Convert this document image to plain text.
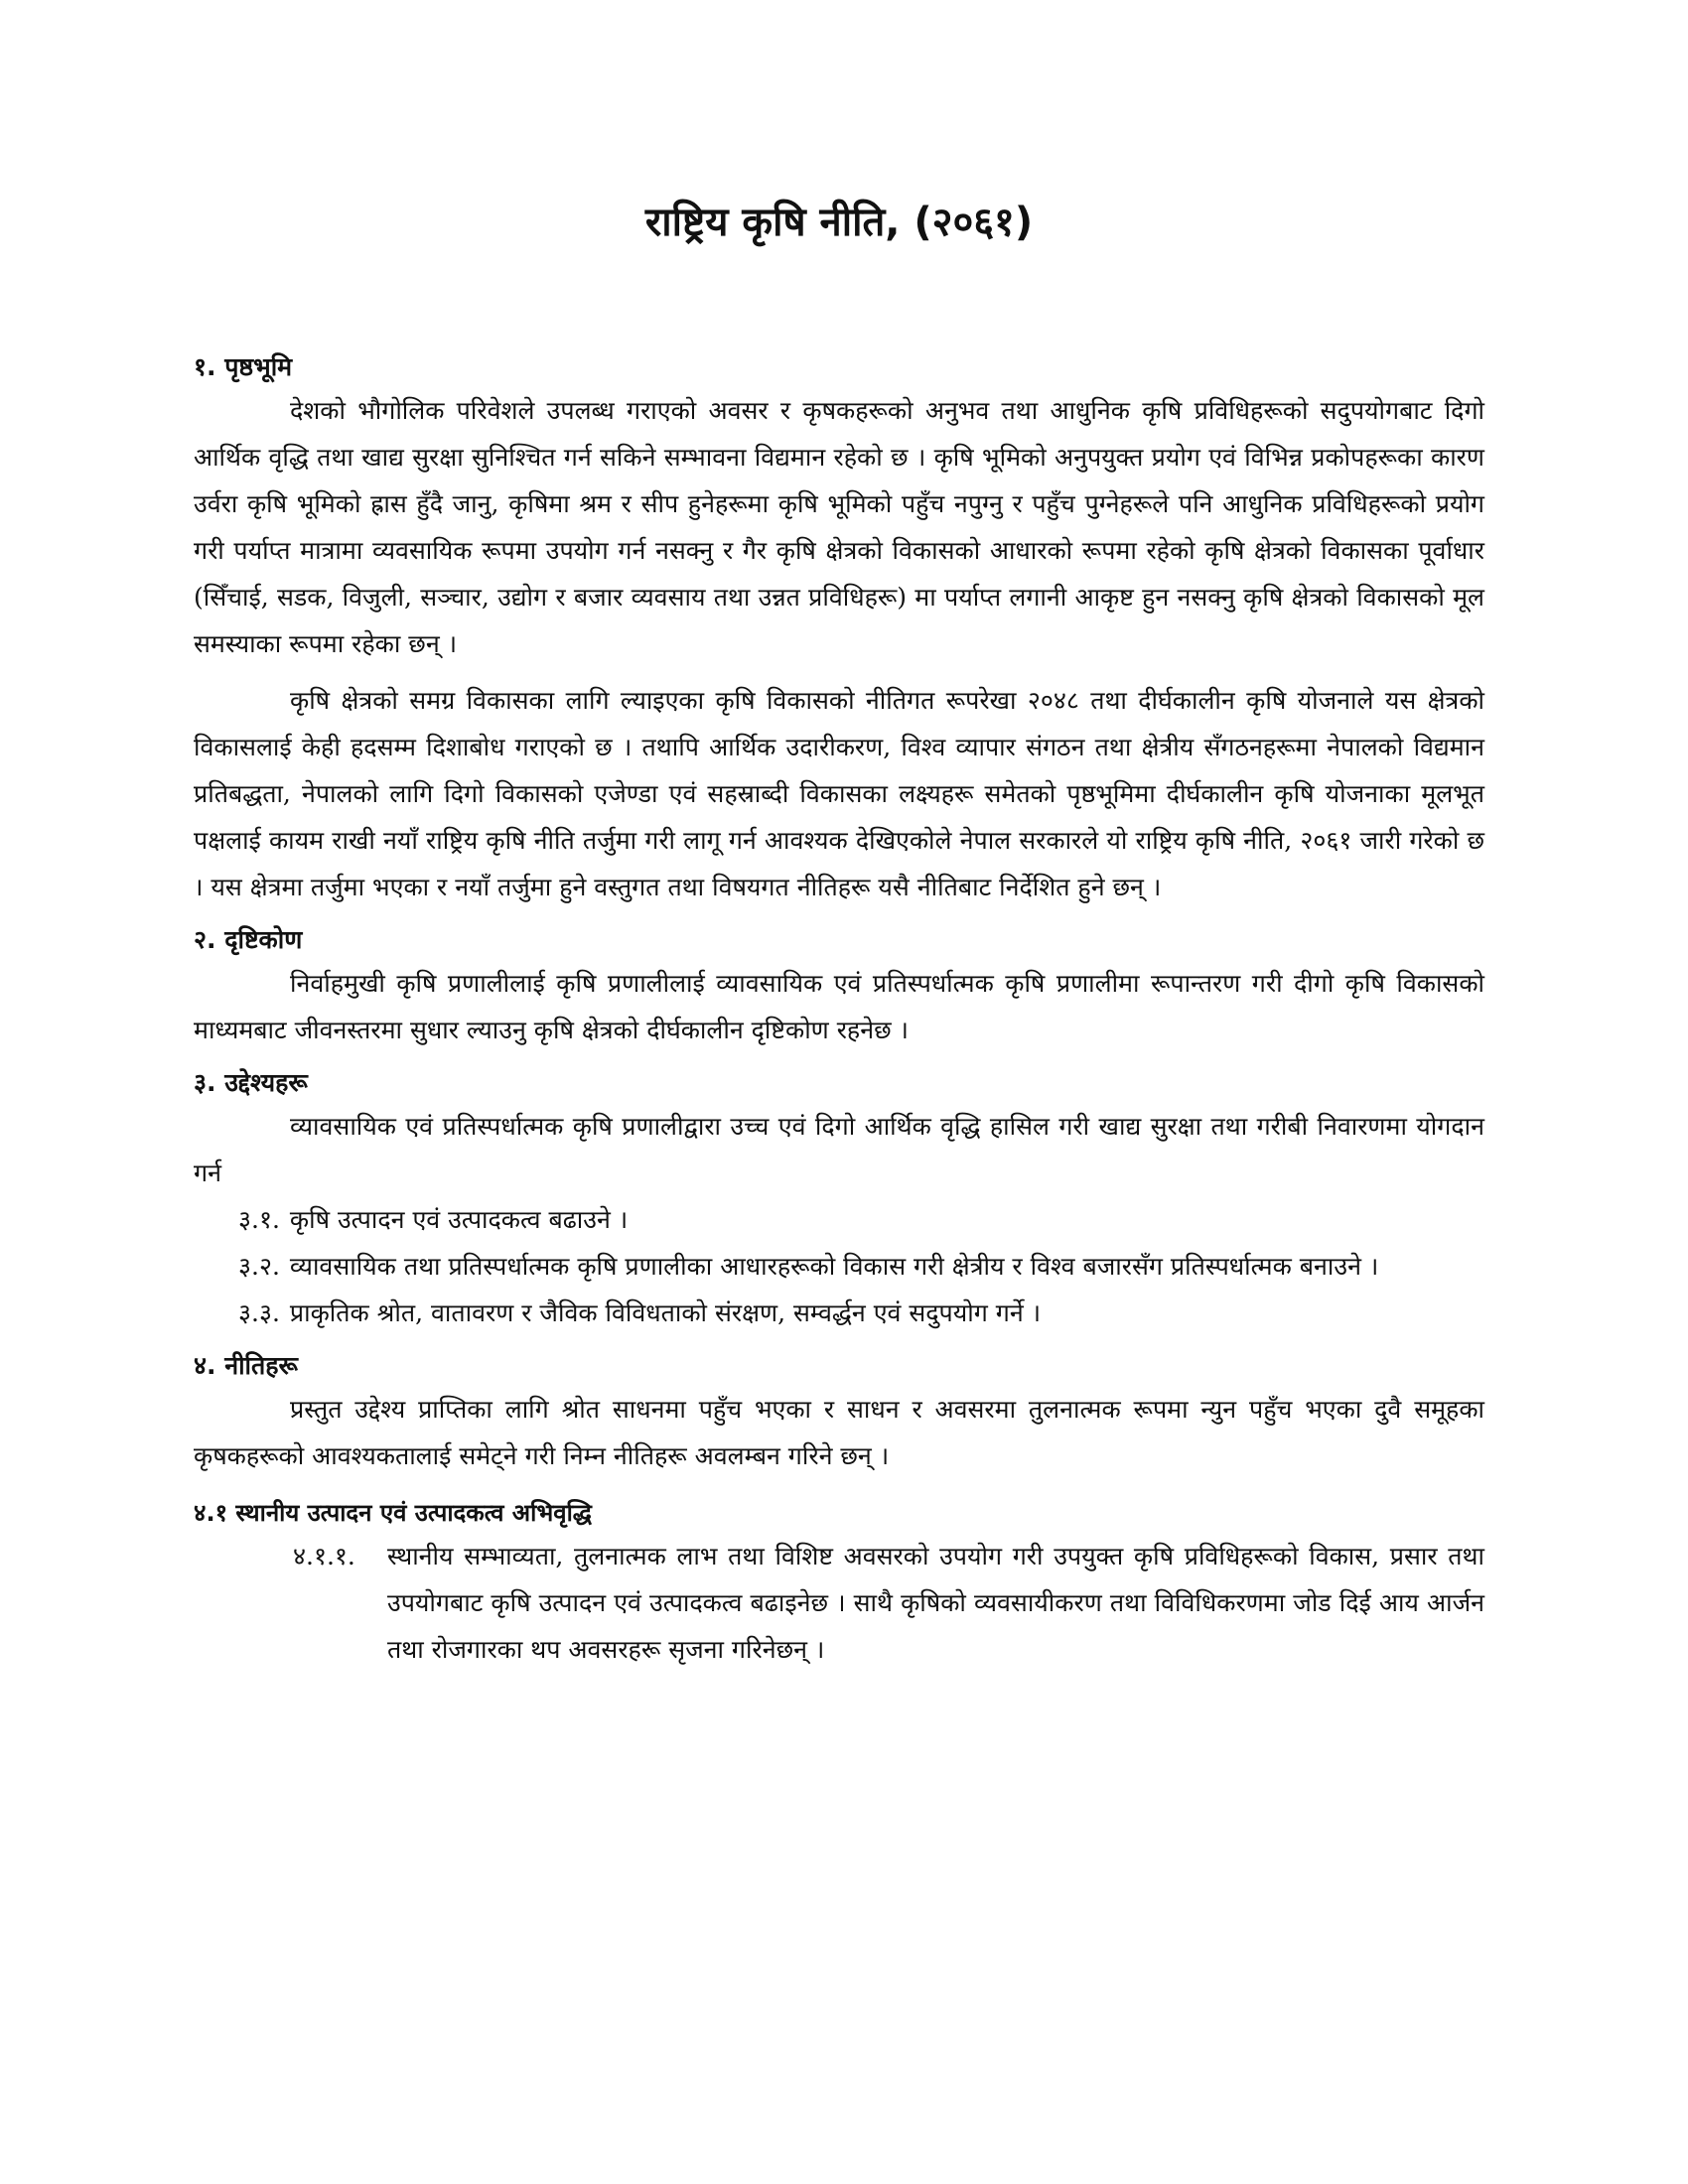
राष्ट्रिय कृषि नीति, (२०६१)
१. पृष्ठभूमि

देशको भौगोलिक परिवेशले उपलब्ध गराएको अवसर र कृषकहरूको अनुभव तथा आधुनिक कृषि प्रविधिहरूको सदुपयोगबाट दिगो आर्थिक वृद्धि तथा खाद्य सुरक्षा सुनिश्चित गर्न सकिने सम्भावना विद्यमान रहेको छ । कृषि भूमिको अनुपयुक्त प्रयोग एवं विभिन्न प्रकोपहरूका कारण उर्वरा कृषि भूमिको ह्रास हुँदै जानु, कृषिमा श्रम र सीप हुनेहरूमा कृषि भूमिको पहुँच नपुग्नु र पहुँच पुग्नेहरूले पनि आधुनिक प्रविधिहरूको प्रयोग गरी पर्याप्त मात्रामा व्यवसायिक रूपमा उपयोग गर्न नसक्नु र गैर कृषि क्षेत्रको विकासको आधारको रूपमा रहेको कृषि क्षेत्रको विकासका पूर्वाधार (सिँचाई, सडक, विजुली, सञ्चार, उद्योग र बजार व्यवसाय तथा उन्नत प्रविधिहरू) मा पर्याप्त लगानी आकृष्ट हुन नसक्नु कृषि क्षेत्रको विकासको मूल समस्याका रूपमा रहेका छन् ।

कृषि क्षेत्रको समग्र विकासका लागि ल्याइएका कृषि विकासको नीतिगत रूपरेखा २०४८ तथा दीर्घकालीन कृषि योजनाले यस क्षेत्रको विकासलाई केही हदसम्म दिशाबोध गराएको छ । तथापि आर्थिक उदारीकरण, विश्व व्यापार संगठन तथा क्षेत्रीय सँगठनहरूमा नेपालको विद्यमान प्रतिबद्धता, नेपालको लागि दिगो विकासको एजेण्डा एवं सहस्राब्दी विकासका लक्ष्यहरू समेतको पृष्ठभूमिमा दीर्घकालीन कृषि योजनाका मूलभूत पक्षलाई कायम राखी नयाँ राष्ट्रिय कृषि नीति तर्जुमा गरी लागू गर्न आवश्यक देखिएकोले नेपाल सरकारले यो राष्ट्रिय कृषि नीति, २०६१ जारी गरेको छ । यस क्षेत्रमा तर्जुमा भएका र नयाँ तर्जुमा हुने वस्तुगत तथा विषयगत नीतिहरू यसै नीतिबाट निर्देशित हुने छन् ।

२. दृष्टिकोण

निर्वाहमुखी कृषि प्रणालीलाई कृषि प्रणालीलाई व्यावसायिक एवं प्रतिस्पर्धात्मक कृषि प्रणालीमा रूपान्तरण गरी दीगो कृषि विकासको माध्यमबाट जीवनस्तरमा सुधार ल्याउनु कृषि क्षेत्रको दीर्घकालीन दृष्टिकोण रहनेछ ।

३. उद्देश्यहरू

व्यावसायिक एवं प्रतिस्पर्धात्मक कृषि प्रणालीद्वारा उच्च एवं दिगो आर्थिक वृद्धि हासिल गरी खाद्य सुरक्षा तथा गरीबी निवारणमा योगदान गर्न

३.१. कृषि उत्पादन एवं उत्पादकत्व बढाउने ।
३.२. व्यावसायिक तथा प्रतिस्पर्धात्मक कृषि प्रणालीका आधारहरूको विकास गरी क्षेत्रीय र विश्व बजारसँग प्रतिस्पर्धात्मक बनाउने ।
३.३. प्राकृतिक श्रोत, वातावरण र जैविक विविधताको संरक्षण, सम्वर्द्धन एवं सदुपयोग गर्ने ।
४. नीतिहरू

प्रस्तुत उद्देश्य प्राप्तिका लागि श्रोत साधनमा पहुँच भएका र साधन र अवसरमा तुलनात्मक रूपमा न्युन पहुँच भएका दुवै समूहका कृषकहरूको आवश्यकतालाई समेट्ने गरी निम्न नीतिहरू अवलम्बन गरिने छन् ।

४.१ स्थानीय उत्पादन एवं उत्पादकत्व अभिवृद्धि
४.१.१.	स्थानीय सम्भाव्यता, तुलनात्मक लाभ तथा विशिष्ट अवसरको उपयोग गरी उपयुक्त कृषि प्रविधिहरूको विकास, प्रसार तथा उपयोगबाट कृषि उत्पादन एवं उत्पादकत्व बढाइनेछ । साथै कृषिको व्यवसायीकरण तथा विविधिकरणमा जोड दिई आय आर्जन तथा रोजगारका थप अवसरहरू सृजना गरिनेछन् ।
